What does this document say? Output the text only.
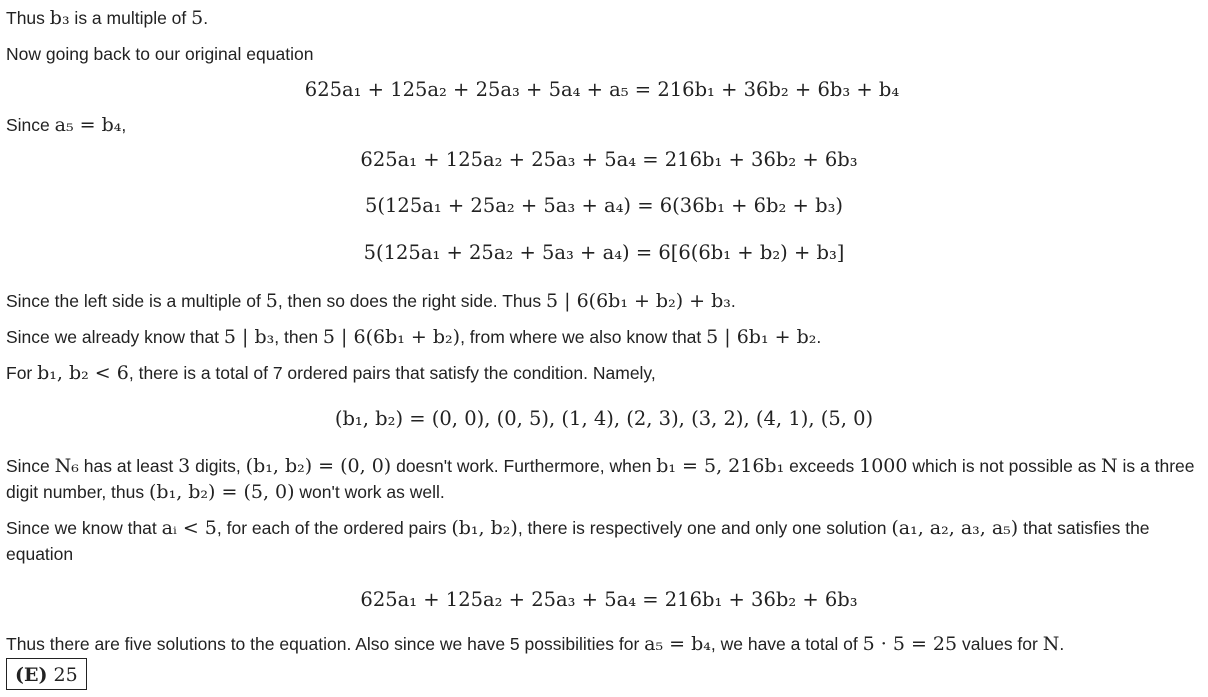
Thus b₃ is a multiple of 5.

Now going back to our original equation

625a₁ + 125a₂ + 25a₃ + 5a₄ + a₅ = 216b₁ + 36b₂ + 6b₃ + b₄

Since a₅ = b₄,

625a₁ + 125a₂ + 25a₃ + 5a₄ = 216b₁ + 36b₂ + 6b₃
5(125a₁ + 25a₂ + 5a₃ + a₄) = 6(36b₁ + 6b₂ + b₃)
5(125a₁ + 25a₂ + 5a₃ + a₄) = 6[6(6b₁ + b₂) + b₃]

Since the left side is a multiple of 5, then so does the right side. Thus 5 | 6(6b₁ + b₂) + b₃.

Since we already know that 5 | b₃, then 5 | 6(6b₁ + b₂), from where we also know that 5 | 6b₁ + b₂.

For b₁, b₂ < 6, there is a total of 7 ordered pairs that satisfy the condition. Namely,

(b₁, b₂) = (0, 0), (0, 5), (1, 4), (2, 3), (3, 2), (4, 1), (5, 0)

Since N₆ has at least 3 digits, (b₁, b₂) = (0, 0) doesn't work. Furthermore, when b₁ = 5, 216b₁ exceeds 1000 which is not possible as N is a three digit number, thus (b₁, b₂) = (5, 0) won't work as well.

Since we know that aᵢ < 5, for each of the ordered pairs (b₁, b₂), there is respectively one and only one solution (a₁, a₂, a₃, a₅) that satisfies the equation

625a₁ + 125a₂ + 25a₃ + 5a₄ = 216b₁ + 36b₂ + 6b₃

Thus there are five solutions to the equation. Also since we have 5 possibilities for a₅ = b₄, we have a total of 5 · 5 = 25 values for N.

(E) 25
